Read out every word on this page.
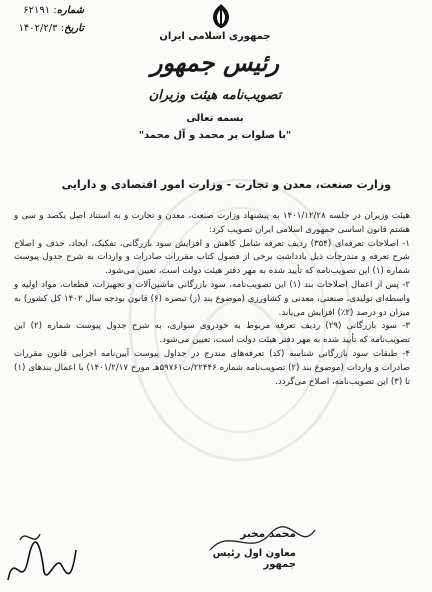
شماره: ۶۲۱۹۱
تاریخ: ۱۴۰۲/۲/۳
جمهوری اسلامی ایران
رئیس جمهور
تصویب‌نامه هیئت وزیران
بسمه تعالی
"با صلوات بر محمد و آل محمد"
وزارت صنعت، معدن و تجارت - وزارت امور اقتصادی و دارایی

هیئت وزیران در جلسه ۱۴۰۱/۱۲/۲۸ به پیشنهاد وزارت صنعت، معدن و تجارت و به استناد اصل یکصد و سی و هشتم قانون اساسی جمهوری اسلامی ایران تصویب کرد:

۱- اصلاحات تعرفه‌ای (۳۵۴) ردیف تعرفه شامل کاهش و افزایش سود بازرگانی، تفکیک، ایجاد، حذف و اصلاح شرح تعرفه و مندرجات ذیل یادداشت برخی از فصول کتاب مقررات صادرات و واردات به شرح جدول پیوست شماره (۱) این تصویب‌نامه که تأیید شده به مهر دفتر هیئت دولت است، تعیین می‌شود.

۲- پس از اعمال اصلاحات بند (۱) این تصویب‌نامه، سود بازرگانی ماشین‌آلات و تجهیزات، قطعات، مواد اولیه و واسطه‌ای تولیدی، صنعتی، معدنی و کشاورزی (موضوع بند (ز) تبصره (۶) قانون بودجه سال ۱۴۰۲ کل کشور) به میزان دو درصد (۲٪) افزایش می‌یابد.

۳- سود بازرگانی (۲۹) ردیف تعرفه مربوط به خودروی سواری، به شرح جدول پیوست شماره (۲) این تصویب‌نامه که تأیید شده به مهر دفتر هیئت دولت است، تعیین می‌شود.

۴- طبقات سود بازرگانی شناسه (کد) تعرفه‌های مندرج در جداول پیوست آیین‌نامه اجرایی قانون مقررات صادرات و واردات (موضوع بند (۲) تصویب‌نامه شماره ۲۲۴۴۶/ت۵۹۷۶۱هـ مورخ ۱۴۰۱/۲/۱۷) با اعمال بندهای (۱) تا (۳) این تصویب‌نامه، اصلاح می‌گردد.

محمد مخبر
معاون اول رئیس جمهور
